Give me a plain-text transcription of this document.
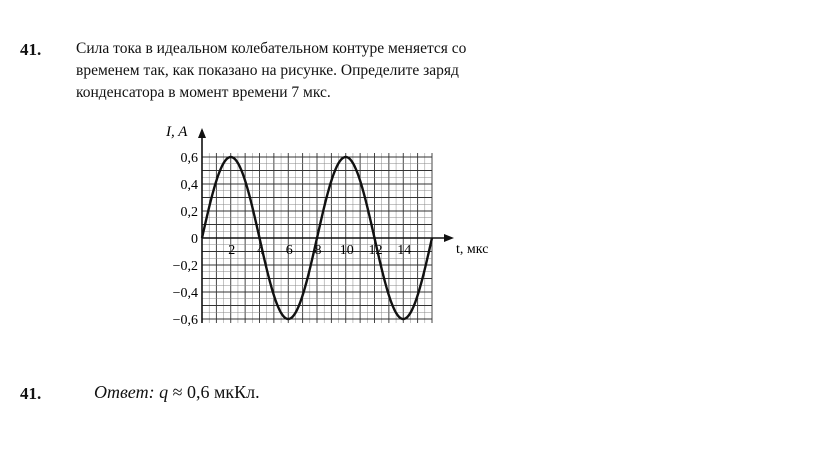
41. Сила тока в идеальном колебательном контуре меняется со
временем так, как показано на рисунке. Определите заряд
конденсатора в момент времени 7 мкс.
0,6
0,4
0,2
0
−0,2
−0,4
−0,6
2 4 6 8 10 12 14
I, A
t, мкс
41.	Ответ: q ≈ 0,6 мкКл.
